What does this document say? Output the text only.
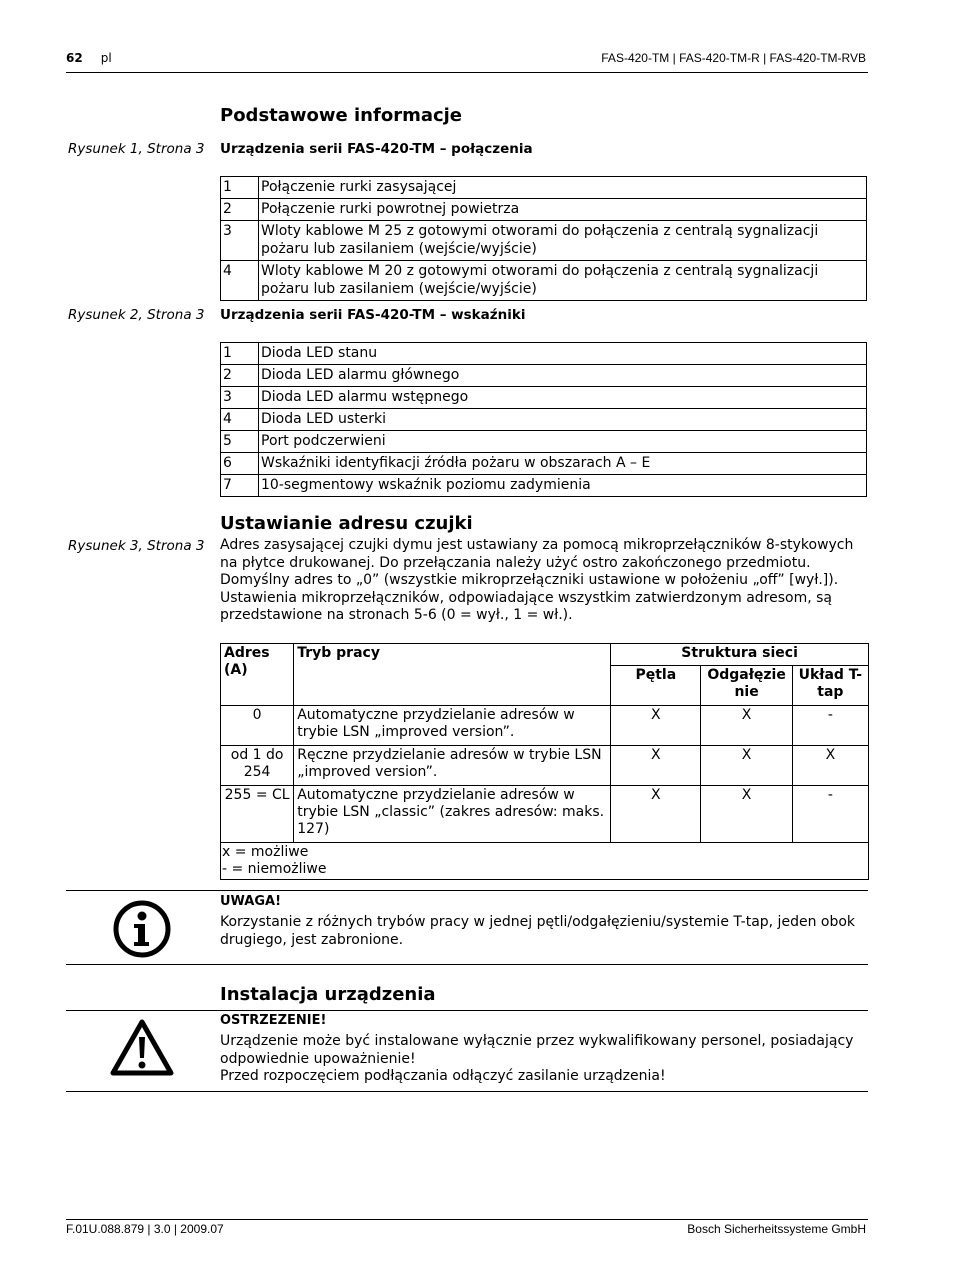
62 pl	FAS-420-TM | FAS-420-TM-R | FAS-420-TM-RVB
Podstawowe informacje
Rysunek 1, Strona 3 Urządzenia serii FAS-420-TM – połączenia
1	Połączenie rurki zasysającej
2	Połączenie rurki powrotnej powietrza
3	Wloty kablowe M 25 z gotowymi otworami do połączenia z centralą sygnalizacji pożaru lub zasilaniem (wejście/wyjście)
4	Wloty kablowe M 20 z gotowymi otworami do połączenia z centralą sygnalizacji pożaru lub zasilaniem (wejście/wyjście)
Rysunek 2, Strona 3 Urządzenia serii FAS-420-TM – wskaźniki
1	Dioda LED stanu
2	Dioda LED alarmu głównego
3	Dioda LED alarmu wstępnego
4	Dioda LED usterki
5	Port podczerwieni
6	Wskaźniki identyfikacji źródła pożaru w obszarach A – E
7	10-segmentowy wskaźnik poziomu zadymienia
Ustawianie adresu czujki
Rysunek 3, Strona 3 Adres zasysającej czujki dymu jest ustawiany za pomocą mikroprzełączników 8-stykowych na płytce drukowanej. Do przełączania należy użyć ostro zakończonego przedmiotu. Domyślny adres to „0” (wszystkie mikroprzełączniki ustawione w położeniu „off” [wył.]). Ustawienia mikroprzełączników, odpowiadające wszystkim zatwierdzonym adresom, są przedstawione na stronach 5-6 (0 = wył., 1 = wł.).
Adres (A)	Tryb pracy	Struktura sieci		
		Pętla	Odgałęzienie	Układ T-tap
0	Automatyczne przydzielanie adresów w trybie LSN „improved version”.	X	X	-
od 1 do 254	Ręczne przydzielanie adresów w trybie LSN „improved version”.	X	X	X
255 = CL	Automatyczne przydzielanie adresów w trybie LSN „classic” (zakres adresów: maks. 127)	X	X	-

x = możliwe
- = niemożliwe				
UWAGA!
Korzystanie z różnych trybów pracy w jednej pętli/odgałęzieniu/systemie T-tap, jeden obok drugiego, jest zabronione.
Instalacja urządzenia
OSTRZEZENIE!
Urządzenie może być instalowane wyłącznie przez wykwalifikowany personel, posiadający odpowiednie upoważnienie!
Przed rozpoczęciem podłączania odłączyć zasilanie urządzenia!
F.01U.088.879 | 3.0 | 2009.07	Bosch Sicherheitssysteme GmbH
